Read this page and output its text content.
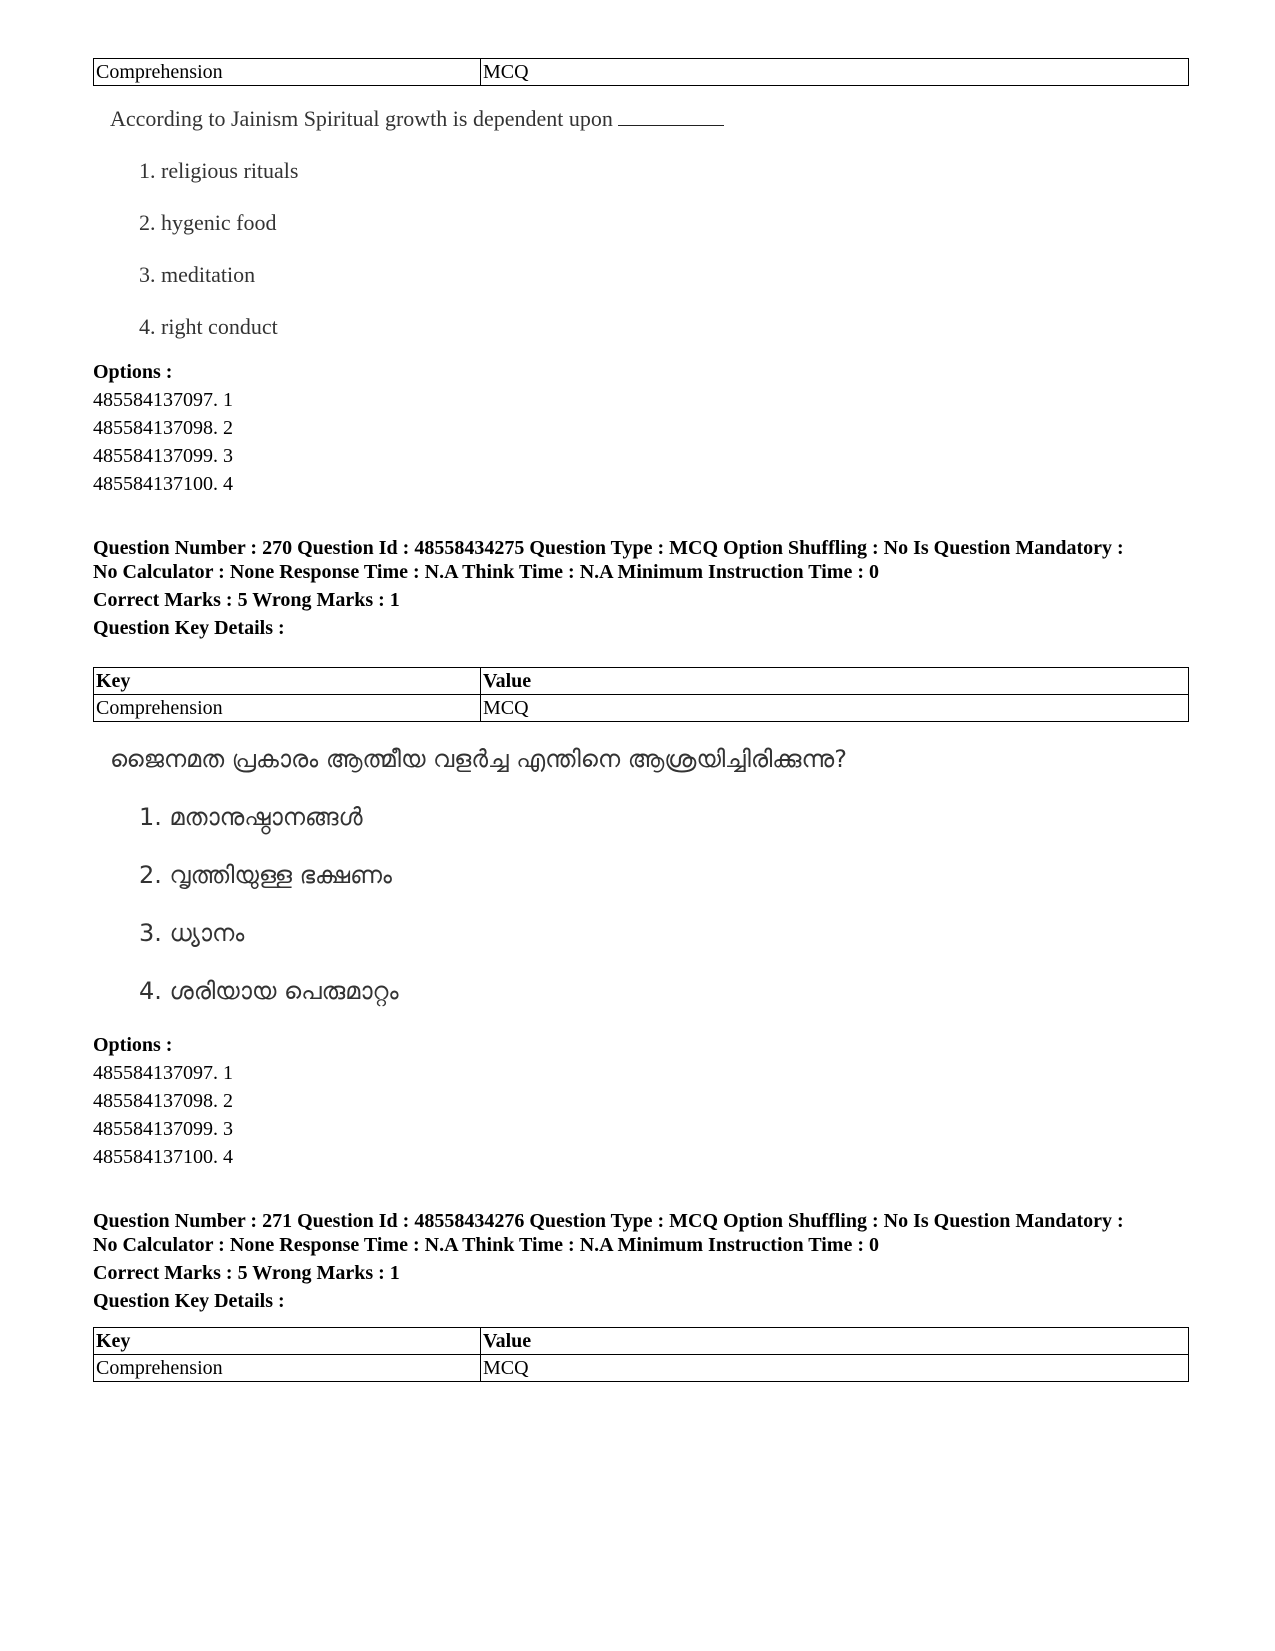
Comprehension	MCQ
According to Jainism Spiritual growth is dependent upon
1. religious rituals
2. hygenic food
3. meditation
4. right conduct
Options :
485584137097. 1
485584137098. 2
485584137099. 3
485584137100. 4
Question Number : 270 Question Id : 48558434275 Question Type : MCQ Option Shuffling : No Is Question Mandatory :
No Calculator : None Response Time : N.A Think Time : N.A Minimum Instruction Time : 0
Correct Marks : 5 Wrong Marks : 1
Question Key Details :
Key	Value
Comprehension	MCQ
ജൈനമത പ്രകാരം ആത്മീയ വളർച്ച എന്തിനെ ആശ്രയിച്ചിരിക്കുന്നു?
1. മതാനുഷ്ഠാനങ്ങൾ
2. വൃത്തിയുള്ള ഭക്ഷണം
3. ധ്യാനം
4. ശരിയായ പെരുമാറ്റം
Options :
485584137097. 1
485584137098. 2
485584137099. 3
485584137100. 4
Question Number : 271 Question Id : 48558434276 Question Type : MCQ Option Shuffling : No Is Question Mandatory :
No Calculator : None Response Time : N.A Think Time : N.A Minimum Instruction Time : 0
Correct Marks : 5 Wrong Marks : 1
Question Key Details :
Key	Value
Comprehension	MCQ
